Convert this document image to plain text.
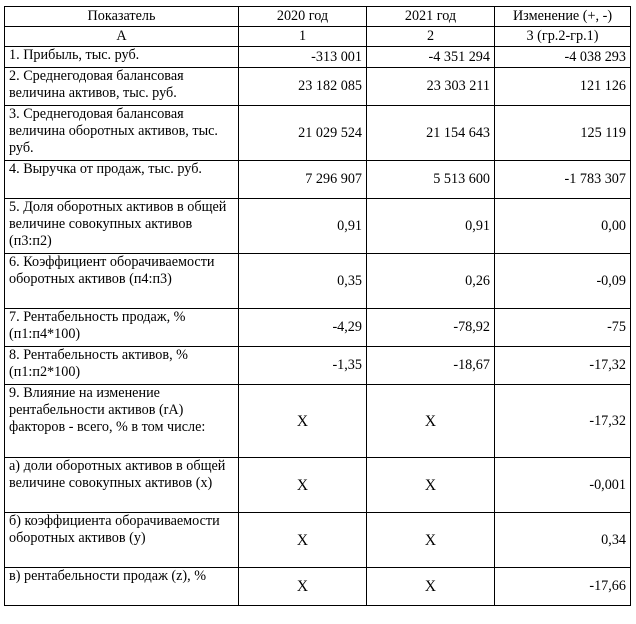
Показатель	2020 год	2021 год	Изменение (+, -)
А	1	2	3 (гр.2-гр.1)
1. Прибыль, тыс. руб.	-313 001	-4 351 294	-4 038 293
2. Среднегодовая балансовая величина активов, тыс. руб.	23 182 085	23 303 211	121 126
3. Среднегодовая балансовая величина оборотных активов, тыс. руб.	21 029 524	21 154 643	125 119
4. Выручка от продаж, тыс. руб.	7 296 907	5 513 600	-1 783 307
5. Доля оборотных активов в общей величине совокупных активов (п3:п2)	0,91	0,91	0,00
6. Коэффициент оборачиваемости оборотных активов (п4:п3)	0,35	0,26	-0,09
7. Рентабельность продаж, % (п1:п4*100)	-4,29	-78,92	-75
8. Рентабельность активов, % (п1:п2*100)	-1,35	-18,67	-17,32
9. Влияние на изменение рентабельности активов (rA) факторов - всего, % в том числе:	X	X	-17,32
а) доли оборотных активов в общей величине совокупных активов (x)	X	X	-0,001
б) коэффициента оборачиваемости оборотных активов (y)	X	X	0,34
в) рентабельности продаж (z), %	X	X	-17,66
